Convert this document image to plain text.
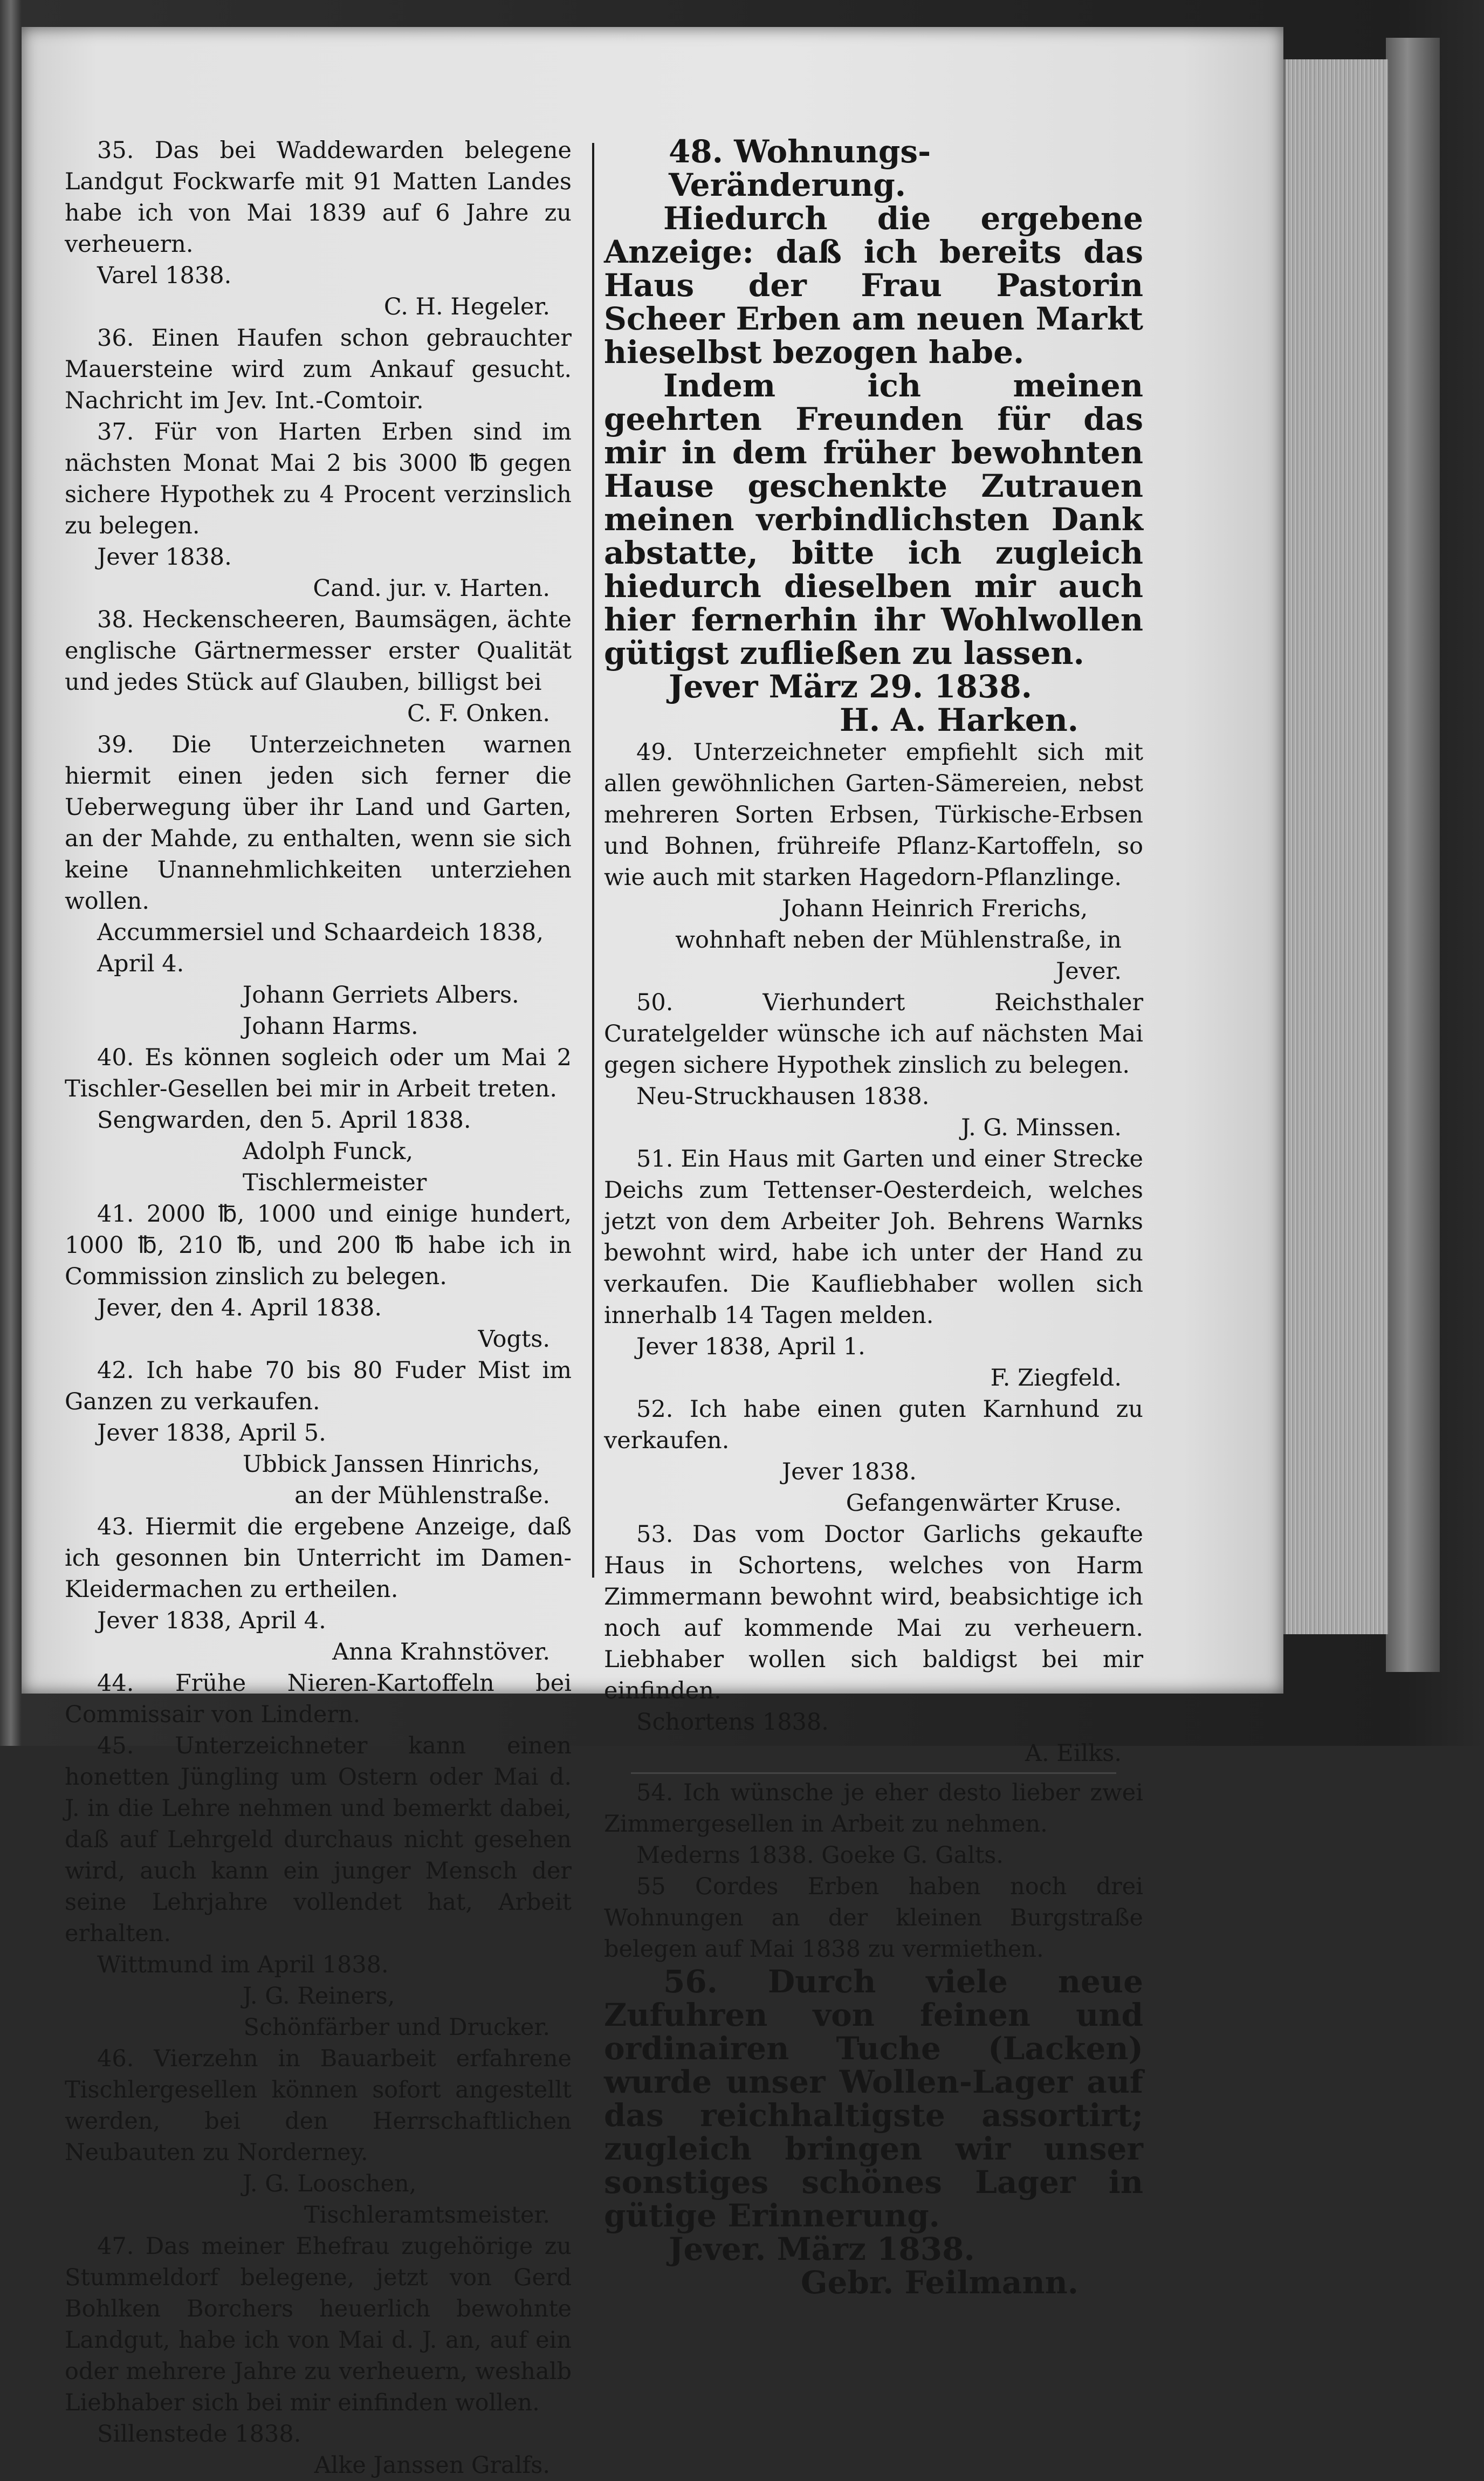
35. Das bei Waddewarden belegene Landgut Fockwarfe mit 91 Matten Landes habe ich von Mai 1839 auf 6 Jahre zu verheuern.

Varel 1838.

C. H. Hegeler.

36. Einen Haufen schon gebrauchter Mauersteine wird zum Ankauf gesucht. Nachricht im Jev. Int.-Comtoir.

37. Für von Harten Erben sind im nächsten Monat Mai 2 bis 3000 ℔ gegen sichere Hypothek zu 4 Procent verzinslich zu belegen.

Jever 1838.

Cand. jur. v. Harten.

38. Heckenscheeren, Baumsägen, ächte englische Gärtnermesser erster Qualität und jedes Stück auf Glauben, billigst bei

C. F. Onken.

39. Die Unterzeichneten warnen hiermit einen jeden sich ferner die Ueberwegung über ihr Land und Garten, an der Mahde, zu enthalten, wenn sie sich keine Unannehmlichkeiten unterziehen wollen.

Accummersiel und Schaardeich 1838, April 4.

Johann Gerriets Albers.

Johann Harms.

40. Es können sogleich oder um Mai 2 Tischler-Gesellen bei mir in Arbeit treten.

Sengwarden, den 5. April 1838.

Adolph Funck, Tischlermeister

41. 2000 ℔, 1000 und einige hundert, 1000 ℔, 210 ℔, und 200 ℔ habe ich in Commission zinslich zu belegen.

Jever, den 4. April 1838.

Vogts.

42. Ich habe 70 bis 80 Fuder Mist im Ganzen zu verkaufen.

Jever 1838, April 5.

Ubbick Janssen Hinrichs,

an der Mühlenstraße.

43. Hiermit die ergebene Anzeige, daß ich gesonnen bin Unterricht im Damen-Kleidermachen zu ertheilen.

Jever 1838, April 4.

Anna Krahnstöver.

44. Frühe Nieren-Kartoffeln bei Commissair von Lindern.

45. Unterzeichneter kann einen honetten Jüngling um Ostern oder Mai d. J. in die Lehre nehmen und bemerkt dabei, daß auf Lehrgeld durchaus nicht gesehen wird, auch kann ein junger Mensch der seine Lehrjahre vollendet hat, Arbeit erhalten.

Wittmund im April 1838.

J. G. Reiners,

Schönfärber und Drucker.

46. Vierzehn in Bauarbeit erfahrene Tischlergesellen können sofort angestellt werden, bei den Herrschaftlichen Neubauten zu Norderney.

J. G. Looschen,

Tischleramtsmeister.

47. Das meiner Ehefrau zugehörige zu Stummeldorf belegene, jetzt von Gerd Bohlken Borchers heuerlich bewohnte Landgut, habe ich von Mai d. J. an, auf ein oder mehrere Jahre zu verheuern, weshalb Liebhaber sich bei mir einfinden wollen.

Sillenstede 1838.

Alke Janssen Gralfs.

48. Wohnungs-Veränderung.

Hiedurch die ergebene Anzeige: daß ich bereits das Haus der Frau Pastorin Scheer Erben am neuen Markt hieselbst bezogen habe.

Indem ich meinen geehrten Freunden für das mir in dem früher bewohnten Hause geschenkte Zutrauen meinen verbindlichsten Dank abstatte, bitte ich zugleich hiedurch dieselben mir auch hier fernerhin ihr Wohlwollen gütigst zufließen zu lassen.

Jever März 29. 1838.

H. A. Harken.

49. Unterzeichneter empfiehlt sich mit allen gewöhnlichen Garten-Sämereien, nebst mehreren Sorten Erbsen, Türkische-Erbsen und Bohnen, frühreife Pflanz-Kartoffeln, so wie auch mit starken Hagedorn-Pflanzlinge.

Johann Heinrich Frerichs,

wohnhaft neben der Mühlenstraße, in Jever.

50. Vierhundert Reichsthaler Curatelgelder wünsche ich auf nächsten Mai gegen sichere Hypothek zinslich zu belegen.

Neu-Struckhausen 1838.

J. G. Minssen.

51. Ein Haus mit Garten und einer Strecke Deichs zum Tettenser-Oesterdeich, welches jetzt von dem Arbeiter Joh. Behrens Warnks bewohnt wird, habe ich unter der Hand zu verkaufen. Die Kaufliebhaber wollen sich innerhalb 14 Tagen melden.

Jever 1838, April 1.

F. Ziegfeld.

52. Ich habe einen guten Karnhund zu verkaufen.

Jever 1838.

Gefangenwärter Kruse.

53. Das vom Doctor Garlichs gekaufte Haus in Schortens, welches von Harm Zimmermann bewohnt wird, beabsichtige ich noch auf kommende Mai zu verheuern. Liebhaber wollen sich baldigst bei mir einfinden.

Schortens 1838.

A. Eilks.

54. Ich wünsche je eher desto lieber zwei Zimmergesellen in Arbeit zu nehmen.

Mederns 1838. Goeke G. Galts.

55 Cordes Erben haben noch drei Wohnungen an der kleinen Burgstraße belegen auf Mai 1838 zu vermiethen.

56. Durch viele neue Zufuhren von feinen und ordinairen Tuche (Lacken) wurde unser Wollen-Lager auf das reichhaltigste assortirt; zugleich bringen wir unser sonstiges schönes Lager in gütige Erinnerung.

Jever. März 1838.

Gebr. Feilmann.
